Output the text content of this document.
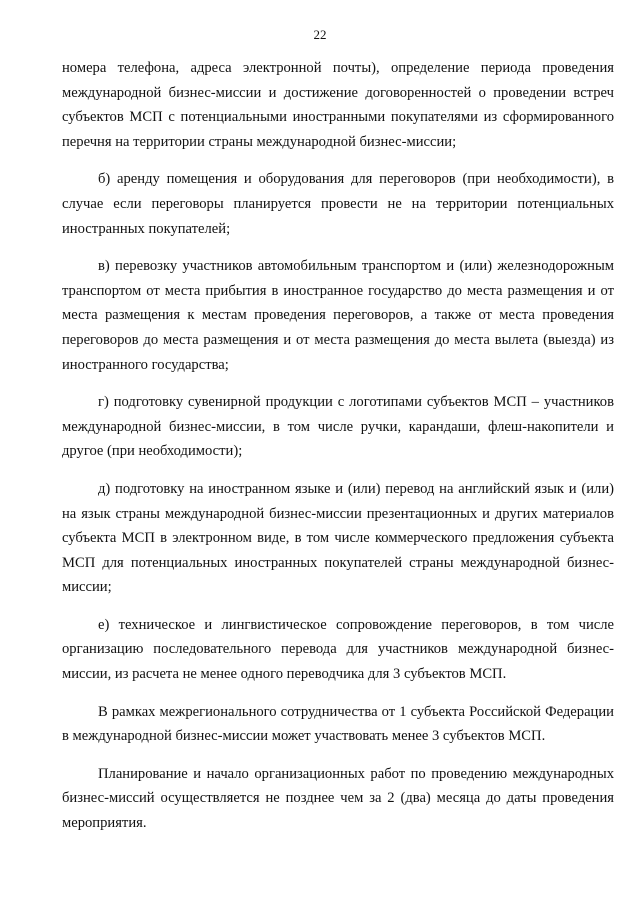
22

номера телефона, адреса электронной почты), определение периода проведения международной бизнес-миссии и достижение договоренностей о проведении встреч субъектов МСП с потенциальными иностранными покупателями из сформированного перечня на территории страны международной бизнес-миссии;

б) аренду помещения и оборудования для переговоров (при необходимости), в случае если переговоры планируется провести не на территории потенциальных иностранных покупателей;

в) перевозку участников автомобильным транспортом и (или) железнодорожным транспортом от места прибытия в иностранное государство до места размещения и от места размещения к местам проведения переговоров, а также от места проведения переговоров до места размещения и от места размещения до места вылета (выезда) из иностранного государства;

г) подготовку сувенирной продукции с логотипами субъектов МСП – участников международной бизнес-миссии, в том числе ручки, карандаши, флеш-накопители и другое (при необходимости);

д) подготовку на иностранном языке и (или) перевод на английский язык и (или) на язык страны международной бизнес-миссии презентационных и других материалов субъекта МСП в электронном виде, в том числе коммерческого предложения субъекта МСП для потенциальных иностранных покупателей страны международной бизнес-миссии;

е) техническое и лингвистическое сопровождение переговоров, в том числе организацию последовательного перевода для участников международной бизнес-миссии, из расчета не менее одного переводчика для 3 субъектов МСП.

В рамках межрегионального сотрудничества от 1 субъекта Российской Федерации в международной бизнес-миссии может участвовать менее 3 субъектов МСП.

Планирование и начало организационных работ по проведению международных бизнес-миссий осуществляется не позднее чем за 2 (два) месяца до даты проведения мероприятия.
